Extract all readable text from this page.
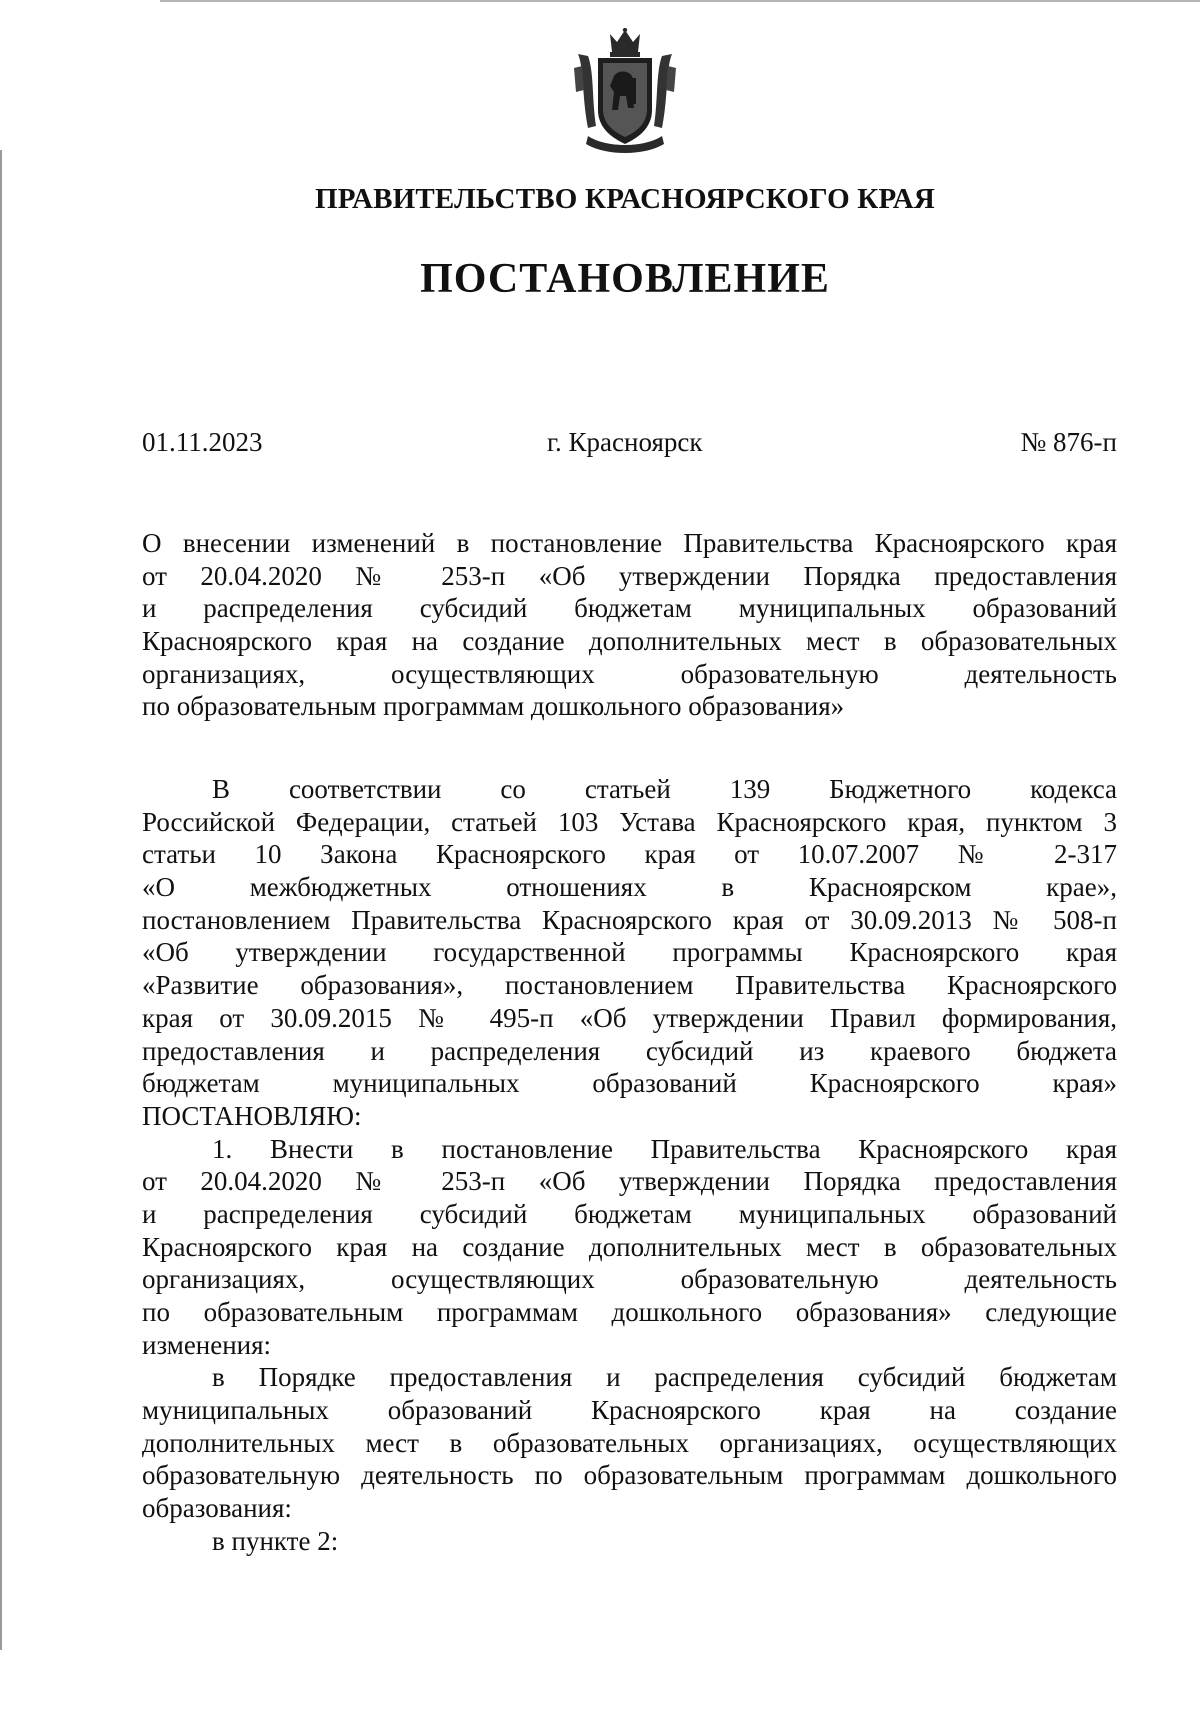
ПРАВИТЕЛЬСТВО КРАСНОЯРСКОГО КРАЯ
ПОСТАНОВЛЕНИЕ
01.11.2023	г. Красноярск	№ 876-п
О внесении изменений в постановление Правительства Красноярского края
от 20.04.2020 № 253-п «Об утверждении Порядка предоставления
и распределения субсидий бюджетам муниципальных образований
Красноярского края на создание дополнительных мест в образовательных
организациях, осуществляющих образовательную деятельность
по образовательным программам дошкольного образования»
В соответствии со статьей 139 Бюджетного кодекса
Российской Федерации, статьей 103 Устава Красноярского края, пунктом 3
статьи 10 Закона Красноярского края от 10.07.2007 № 2-317
«О межбюджетных отношениях в Красноярском крае»,
постановлением Правительства Красноярского края от 30.09.2013 № 508-п
«Об утверждении государственной программы Красноярского края
«Развитие образования», постановлением Правительства Красноярского
края от 30.09.2015 № 495-п «Об утверждении Правил формирования,
предоставления и распределения субсидий из краевого бюджета
бюджетам муниципальных образований Красноярского края»
ПОСТАНОВЛЯЮ:
1. Внести в постановление Правительства Красноярского края
от 20.04.2020 № 253-п «Об утверждении Порядка предоставления
и распределения субсидий бюджетам муниципальных образований
Красноярского края на создание дополнительных мест в образовательных
организациях, осуществляющих образовательную деятельность
по образовательным программам дошкольного образования» следующие
изменения:
в Порядке предоставления и распределения субсидий бюджетам
муниципальных образований Красноярского края на создание
дополнительных мест в образовательных организациях, осуществляющих
образовательную деятельность по образовательным программам дошкольного
образования:
в пункте 2:
